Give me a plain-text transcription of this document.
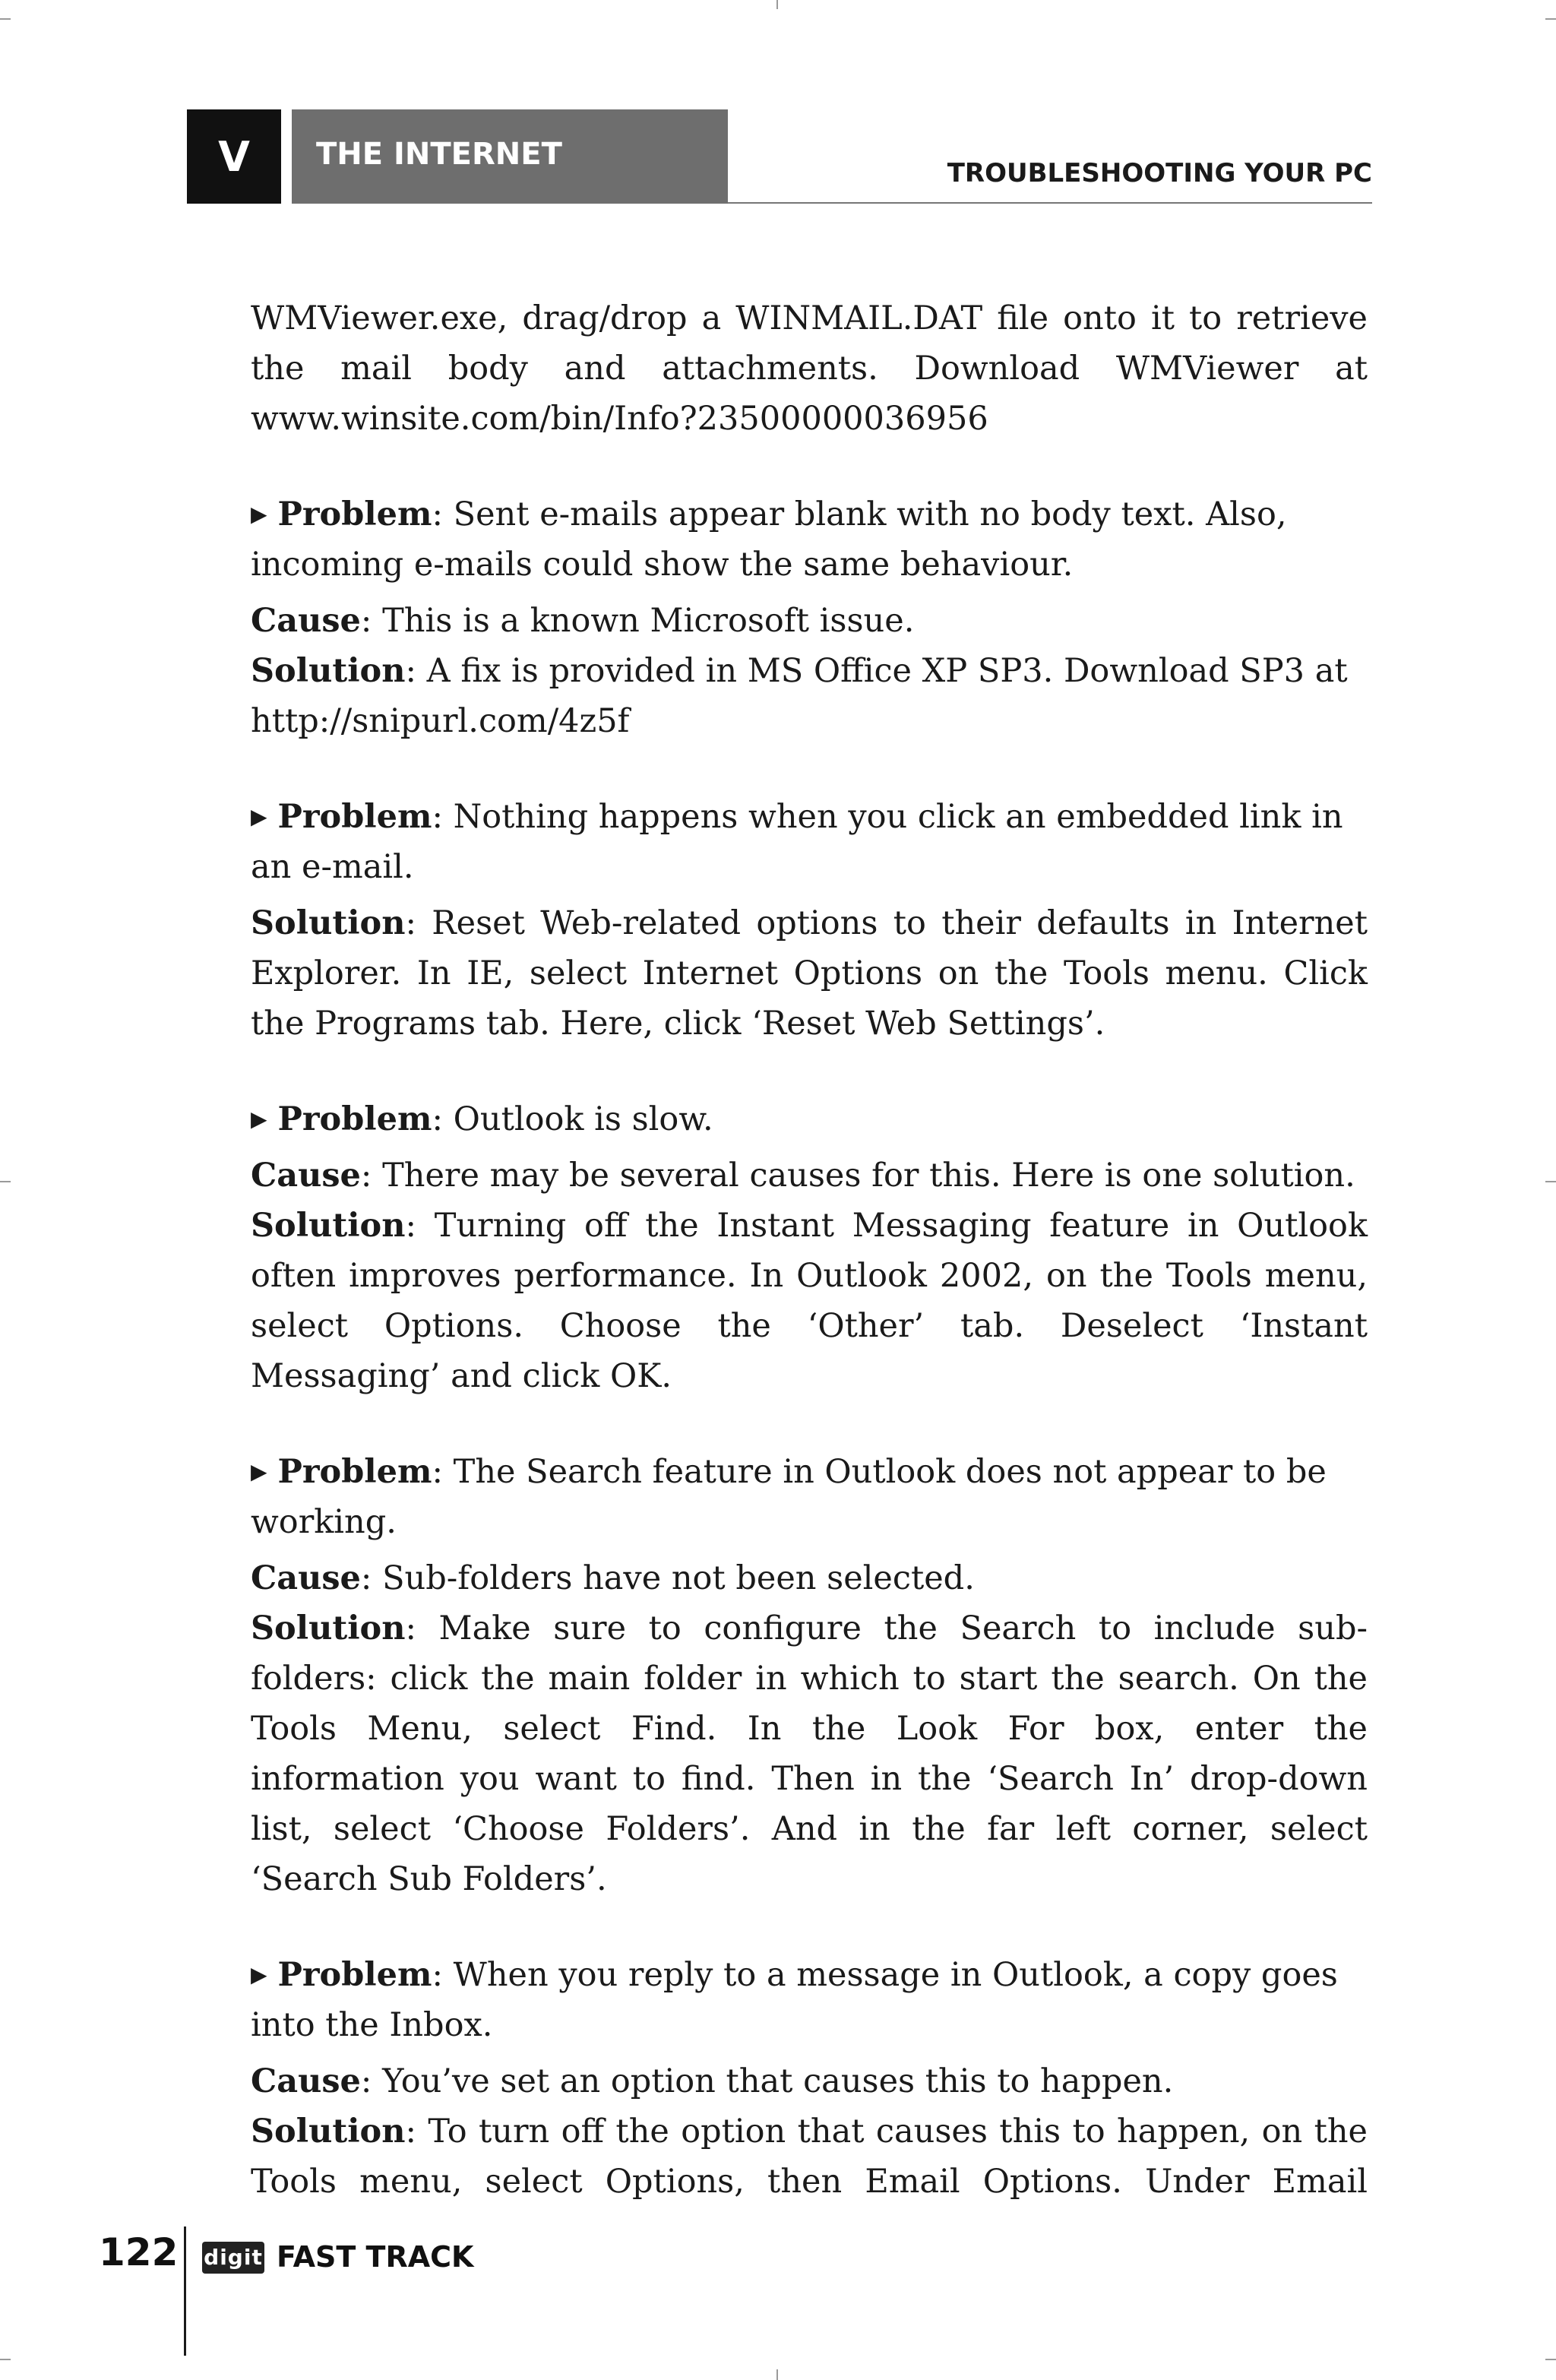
V THE INTERNET
TROUBLESHOOTING YOUR PC

WMViewer.exe, drag/drop a WINMAIL.DAT file onto it to retrieve the mail body and attachments. Download WMViewer at www.winsite.com/bin/Info?23500000036956

▶ Problem: Sent e-mails appear blank with no body text. Also, incoming e-mails could show the same behaviour.

Cause: This is a known Microsoft issue.

Solution: A fix is provided in MS Office XP SP3. Download SP3 at http://snipurl.com/4z5f

▶ Problem: Nothing happens when you click an embedded link in an e-mail.

Solution: Reset Web-related options to their defaults in Internet Explorer. In IE, select Internet Options on the Tools menu. Click the Programs tab. Here, click ‘Reset Web Settings’.

▶ Problem: Outlook is slow.

Cause: There may be several causes for this. Here is one solution.

Solution: Turning off the Instant Messaging feature in Outlook often improves performance. In Outlook 2002, on the Tools menu, select Options. Choose the ‘Other’ tab. Deselect ‘Instant Messaging’ and click OK.

▶ Problem: The Search feature in Outlook does not appear to be working.

Cause: Sub-folders have not been selected.

Solution: Make sure to configure the Search to include sub-folders: click the main folder in which to start the search. On the Tools Menu, select Find. In the Look For box, enter the information you want to find. Then in the ‘Search In’ drop-down list, select ‘Choose Folders’. And in the far left corner, select ‘Search Sub Folders’.

▶ Problem: When you reply to a message in Outlook, a copy goes into the Inbox.

Cause: You’ve set an option that causes this to happen.

Solution: To turn off the option that causes this to happen, on the Tools menu, select Options, then Email Options. Under Email

122 digit FAST TRACK
